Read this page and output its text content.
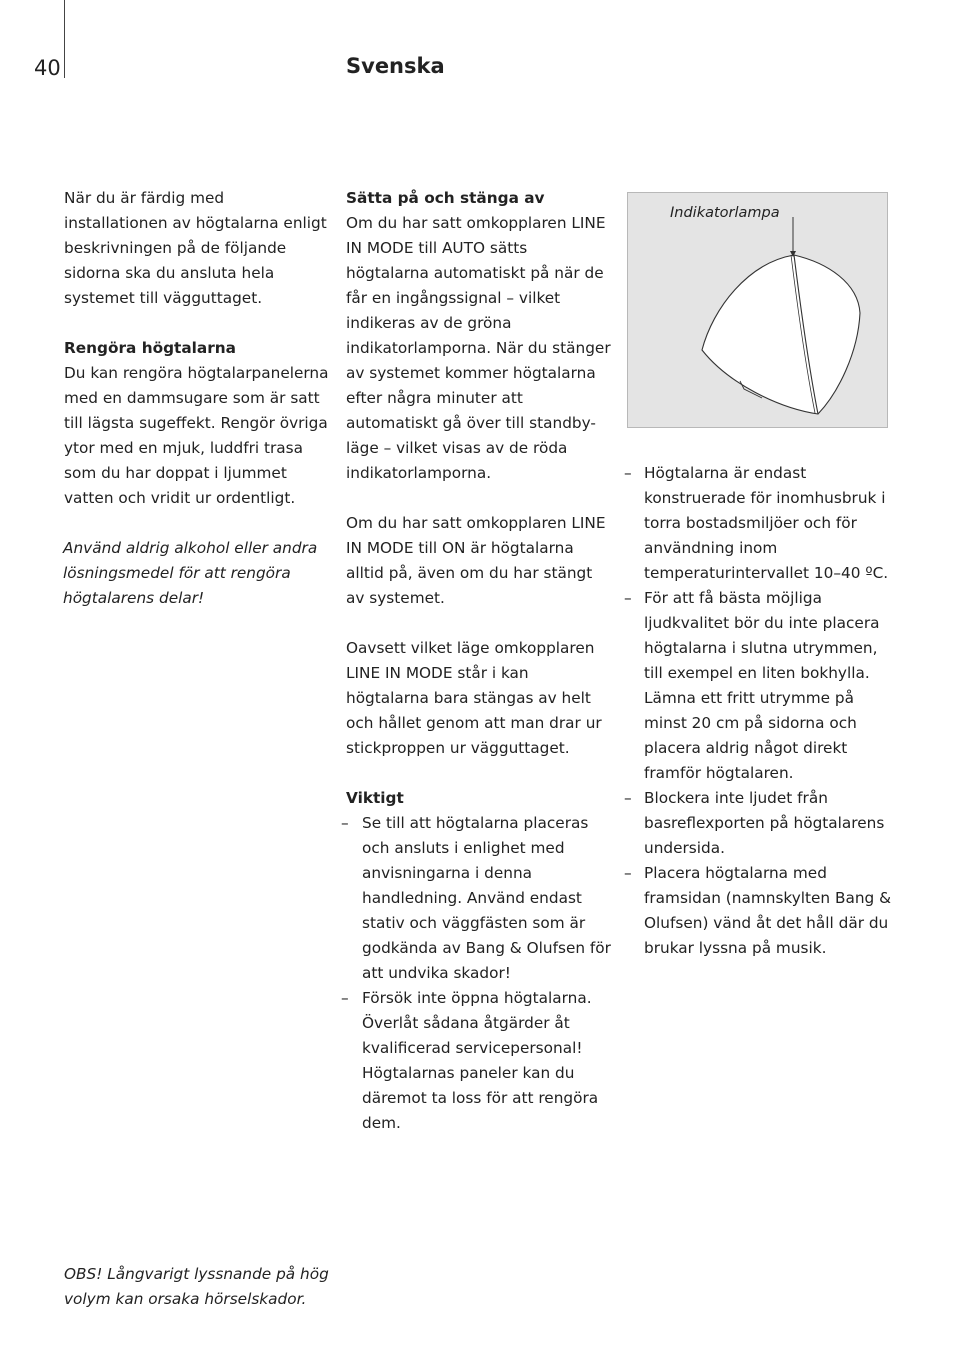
40	Svenska

När du är färdig med installationen av högtalarna enligt beskrivningen på de följande sidorna ska du ansluta hela systemet till vägguttaget.

Rengöra högtalarna

Du kan rengöra högtalarpanelerna med en dammsugare som är satt till lägsta sugeffekt. Rengör övriga ytor med en mjuk, luddfri trasa som du har doppat i ljummet vatten och vridit ur ordentligt.

Använd aldrig alkohol eller andra lösningsmedel för att rengöra högtalarens delar!

Sätta på och stänga av

Om du har satt omkopplaren LINE IN MODE till AUTO sätts högtalarna automatiskt på när de får en ingångssignal – vilket indikeras av de gröna indikatorlamporna. När du stänger av systemet kommer högtalarna efter några minuter att automatiskt gå över till standby-läge – vilket visas av de röda indikatorlamporna.

Om du har satt omkopplaren LINE IN MODE till ON är högtalarna alltid på, även om du har stängt av systemet.

Oavsett vilket läge omkopplaren LINE IN MODE står i kan högtalarna bara stängas av helt och hållet genom att man drar ur stickproppen ur vägguttaget.

Viktigt

– Se till att högtalarna placeras och ansluts i enlighet med anvisningarna i denna handledning. Använd endast stativ och väggfästen som är godkända av Bang & Olufsen för att undvika skador!
– Försök inte öppna högtalarna. Överlåt sådana åtgärder åt kvalificerad servicepersonal! Högtalarnas paneler kan du däremot ta loss för att rengöra dem.
Indikatorlampa
– Högtalarna är endast konstruerade för inomhusbruk i torra bostadsmiljöer och för användning inom temperaturintervallet 10–40 ºC.
– För att få bästa möjliga ljudkvalitet bör du inte placera högtalarna i slutna utrymmen, till exempel en liten bokhylla. Lämna ett fritt utrymme på minst 20 cm på sidorna och placera aldrig något direkt framför högtalaren.
– Blockera inte ljudet från basreflexporten på högtalarens undersida.
– Placera högtalarna med framsidan (namnskylten Bang & Olufsen) vänd åt det håll där du brukar lyssna på musik.
OBS! Långvarigt lyssnande på hög volym kan orsaka hörselskador.
